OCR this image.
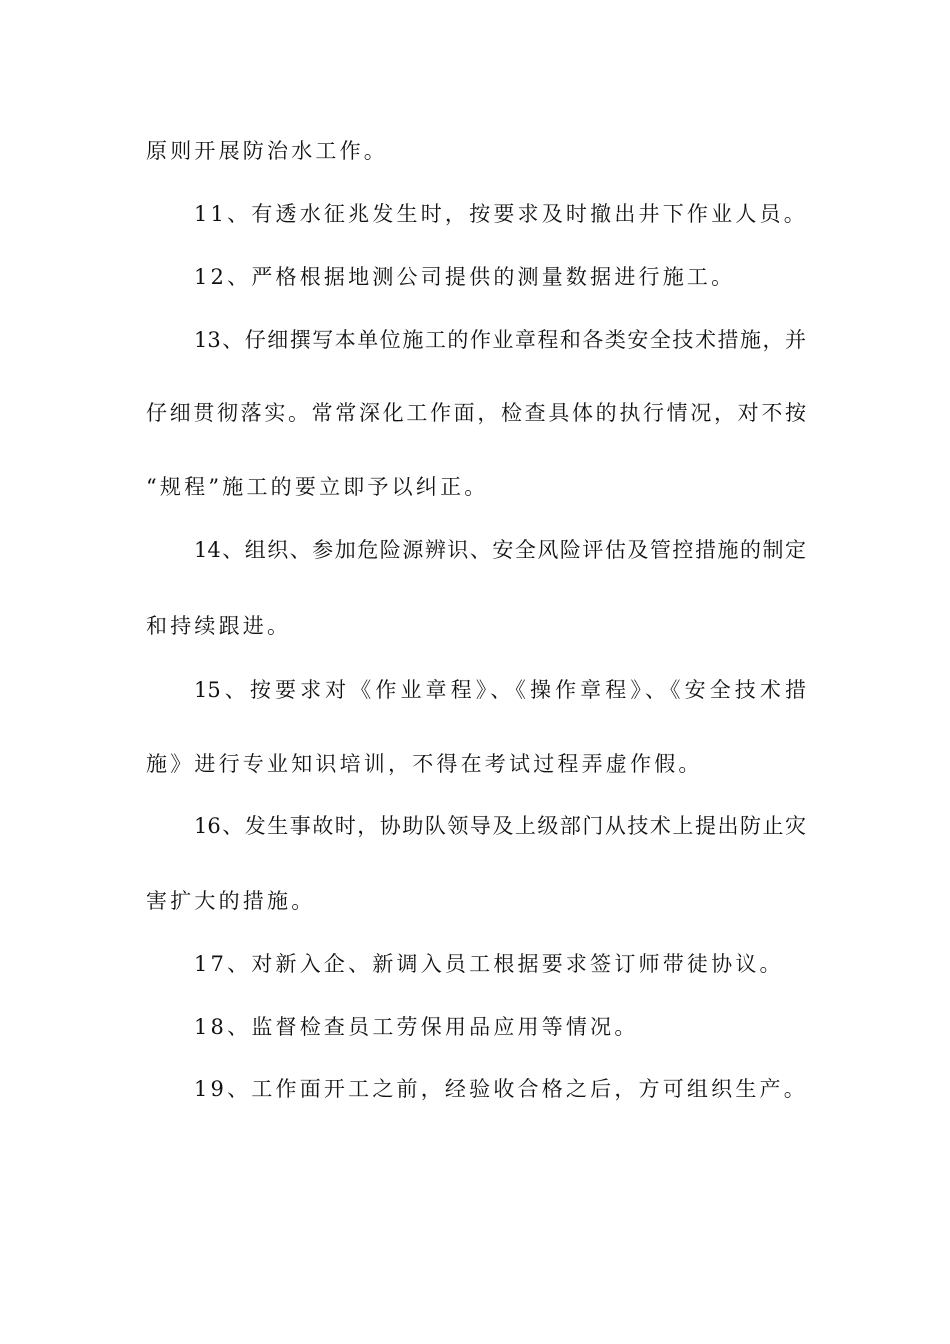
原则开展防治水工作。
11、有透水征兆发生时，按要求及时撤出井下作业人员。
12、严格根据地测公司提供的测量数据进行施工。
13、仔细撰写本单位施工的作业章程和各类安全技术措施，并
仔细贯彻落实。常常深化工作面，检查具体的执行情况，对不按
“规程”施工的要立即予以纠正。
14、组织、参加危险源辨识、安全风险评估及管控措施的制定
和持续跟进。
15、按要求对《作业章程》、《操作章程》、《安全技术措
施》进行专业知识培训，不得在考试过程弄虚作假。
16、发生事故时，协助队领导及上级部门从技术上提出防止灾
害扩大的措施。
17、对新入企、新调入员工根据要求签订师带徒协议。
18、监督检查员工劳保用品应用等情况。
19、工作面开工之前，经验收合格之后，方可组织生产。
